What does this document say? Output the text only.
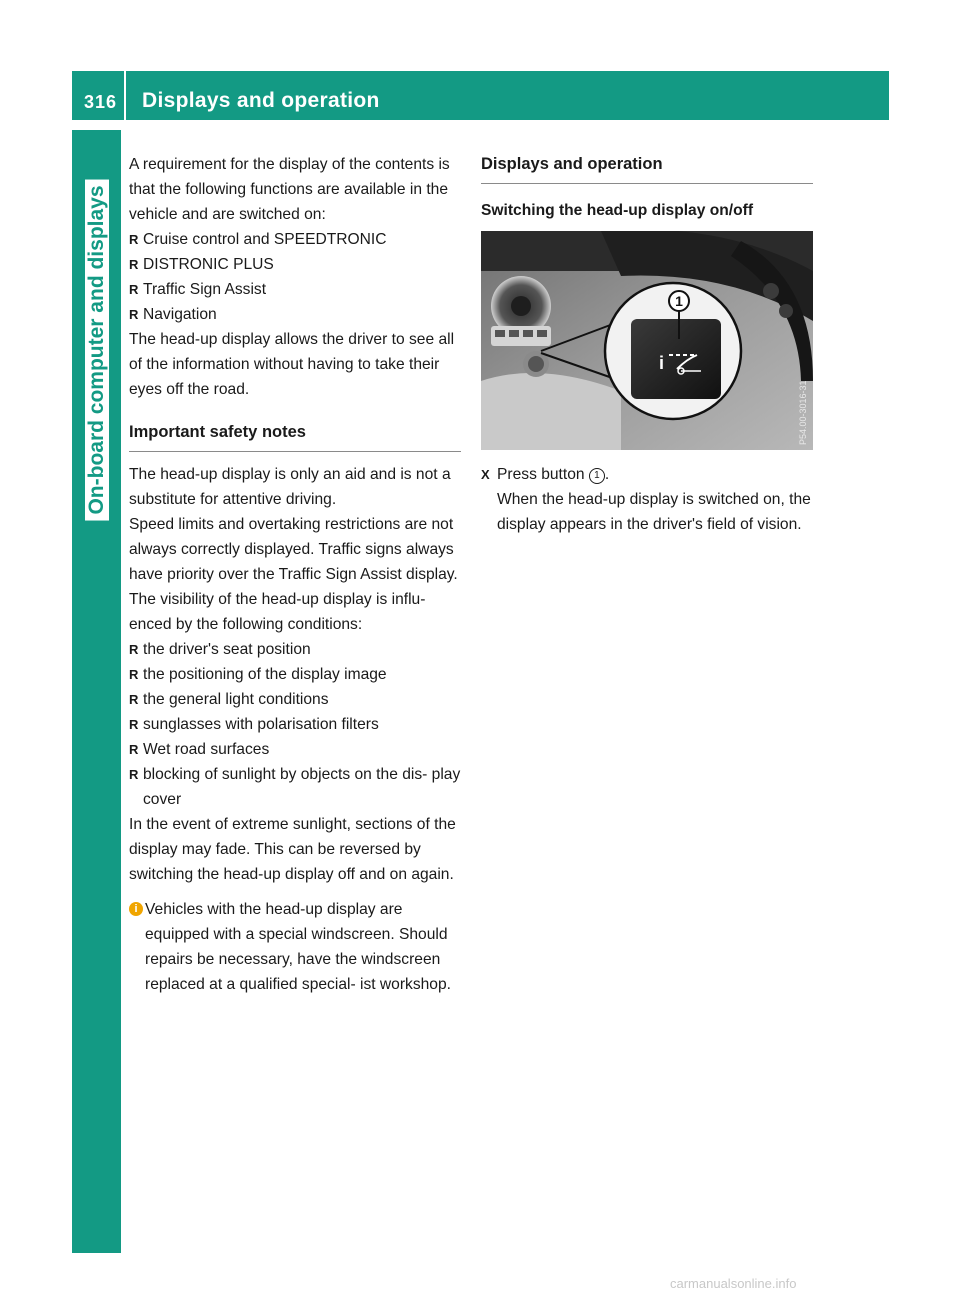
316 Displays and operation
On-board computer and displays

A requirement for the display of the contents is that the following functions are available in the vehicle and are switched on:

R Cruise control and SPEEDTRONIC
R DISTRONIC PLUS
R Traffic Sign Assist
R Navigation

The head-up display allows the driver to see all of the information without having to take their eyes off the road.

Important safety notes

The head-up display is only an aid and is not a substitute for attentive driving.

Speed limits and overtaking restrictions are not always correctly displayed. Traffic signs always have priority over the Traffic Sign Assist display.

The visibility of the head-up display is influ- enced by the following conditions:

R the driver's seat position
R the positioning of the display image
R the general light conditions
R sunglasses with polarisation filters
R Wet road surfaces
R blocking of sunlight by objects on the dis- play cover

In the event of extreme sunlight, sections of the display may fade. This can be reversed by switching the head-up display off and on again.

i Vehicles with the head-up display are equipped with a special windscreen. Should repairs be necessary, have the windscreen replaced at a qualified special- ist workshop.
Displays and operation
Switching the head-up display on/off
1
i
P54.00-3016-31
X Press button 1 .
When the head-up display is switched on, the display appears in the driver's field of vision.
carmanualsonline.info
